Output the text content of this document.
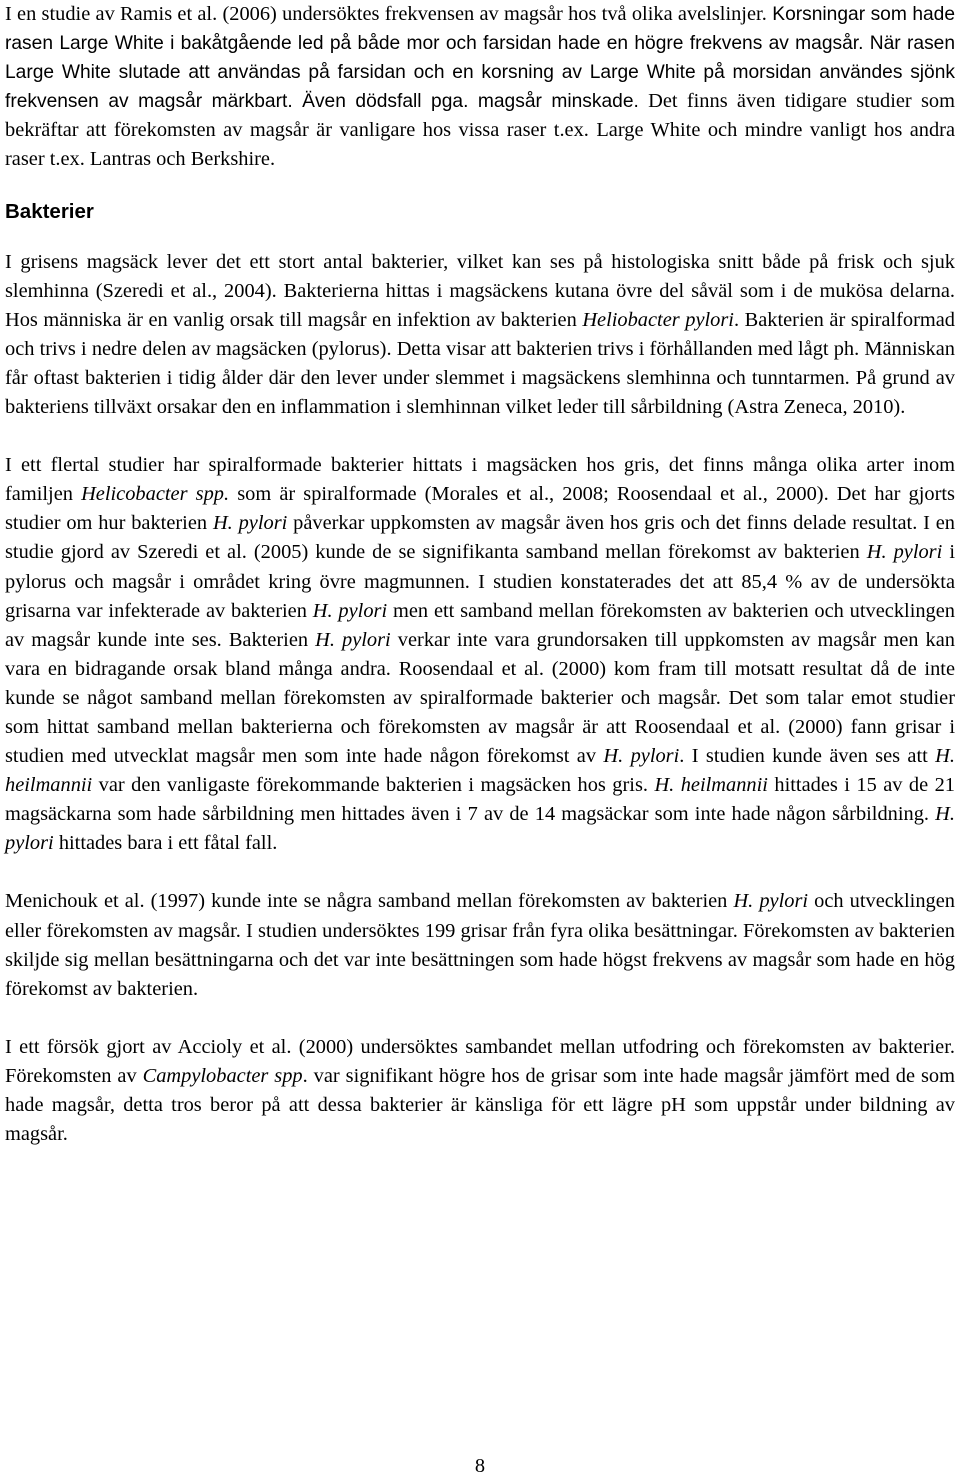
I en studie av Ramis et al. (2006) undersöktes frekvensen av magsår hos två olika avelslinjer. Korsningar som hade rasen Large White i bakåtgående led på både mor och farsidan hade en högre frekvens av magsår. När rasen Large White slutade att användas på farsidan och en korsning av Large White på morsidan användes sjönk frekvensen av magsår märkbart. Även dödsfall pga. magsår minskade. Det finns även tidigare studier som bekräftar att förekomsten av magsår är vanligare hos vissa raser t.ex. Large White och mindre vanligt hos andra raser t.ex. Lantras och Berkshire.

Bakterier

I grisens magsäck lever det ett stort antal bakterier, vilket kan ses på histologiska snitt både på frisk och sjuk slemhinna (Szeredi et al., 2004). Bakterierna hittas i magsäckens kutana övre del såväl som i de mukösa delarna. Hos människa är en vanlig orsak till magsår en infektion av bakterien Heliobacter pylori. Bakterien är spiralformad och trivs i nedre delen av magsäcken (pylorus). Detta visar att bakterien trivs i förhållanden med lågt ph. Människan får oftast bakterien i tidig ålder där den lever under slemmet i magsäckens slemhinna och tunntarmen. På grund av bakteriens tillväxt orsakar den en inflammation i slemhinnan vilket leder till sårbildning (Astra Zeneca, 2010).

I ett flertal studier har spiralformade bakterier hittats i magsäcken hos gris, det finns många olika arter inom familjen Helicobacter spp. som är spiralformade (Morales et al., 2008; Roosendaal et al., 2000). Det har gjorts studier om hur bakterien H. pylori påverkar uppkomsten av magsår även hos gris och det finns delade resultat. I en studie gjord av Szeredi et al. (2005) kunde de se signifikanta samband mellan förekomst av bakterien H. pylori i pylorus och magsår i området kring övre magmunnen. I studien konstaterades det att 85,4 % av de undersökta grisarna var infekterade av bakterien H. pylori men ett samband mellan förekomsten av bakterien och utvecklingen av magsår kunde inte ses. Bakterien H. pylori verkar inte vara grundorsaken till uppkomsten av magsår men kan vara en bidragande orsak bland många andra. Roosendaal et al. (2000) kom fram till motsatt resultat då de inte kunde se något samband mellan förekomsten av spiralformade bakterier och magsår. Det som talar emot studier som hittat samband mellan bakterierna och förekomsten av magsår är att Roosendaal et al. (2000) fann grisar i studien med utvecklat magsår men som inte hade någon förekomst av H. pylori. I studien kunde även ses att H. heilmannii var den vanligaste förekommande bakterien i magsäcken hos gris. H. heilmannii hittades i 15 av de 21 magsäckarna som hade sårbildning men hittades även i 7 av de 14 magsäckar som inte hade någon sårbildning. H. pylori hittades bara i ett fåtal fall.

Menichouk et al. (1997) kunde inte se några samband mellan förekomsten av bakterien H. pylori och utvecklingen eller förekomsten av magsår. I studien undersöktes 199 grisar från fyra olika besättningar. Förekomsten av bakterien skiljde sig mellan besättningarna och det var inte besättningen som hade högst frekvens av magsår som hade en hög förekomst av bakterien.

I ett försök gjort av Accioly et al. (2000) undersöktes sambandet mellan utfodring och förekomsten av bakterier. Förekomsten av Campylobacter spp. var signifikant högre hos de grisar som inte hade magsår jämfört med de som hade magsår, detta tros beror på att dessa bakterier är känsliga för ett lägre pH som uppstår under bildning av magsår.

8
